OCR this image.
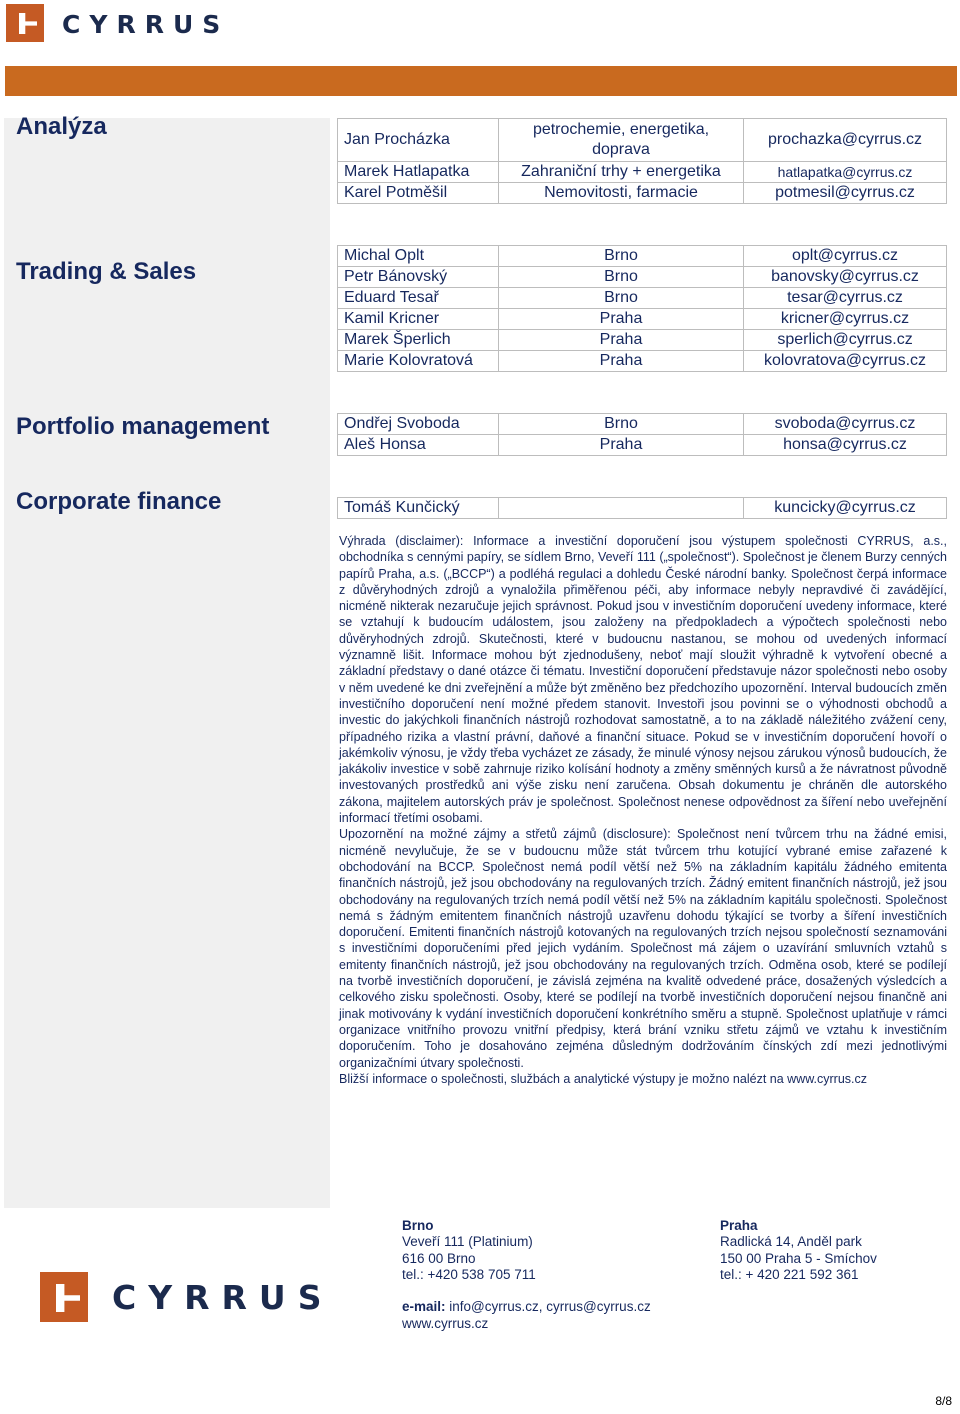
CYRRUS
Analýza
Trading & Sales
Portfolio management
Corporate finance
Jan Procházka	petrochemie, energetika, doprava	prochazka@cyrrus.cz
Marek Hatlapatka	Zahraniční trhy + energetika	hatlapatka@cyrrus.cz
Karel Potměšil	Nemovitosti, farmacie	potmesil@cyrrus.cz
Michal Oplt	Brno	oplt@cyrrus.cz
Petr Bánovský	Brno	banovsky@cyrrus.cz
Eduard Tesař	Brno	tesar@cyrrus.cz
Kamil Kricner	Praha	kricner@cyrrus.cz
Marek Šperlich	Praha	sperlich@cyrrus.cz
Marie Kolovratová	Praha	kolovratova@cyrrus.cz
Ondřej Svoboda	Brno	svoboda@cyrrus.cz
Aleš Honsa	Praha	honsa@cyrrus.cz
Tomáš Kunčický		kuncicky@cyrrus.cz

Výhrada (disclaimer): Informace a investiční doporučení jsou výstupem společnosti CYRRUS, a.s., obchodníka s cennými papíry, se sídlem Brno, Veveří 111 („společnost“). Společnost je členem Burzy cenných papírů Praha, a.s. („BCCP“) a podléhá regulaci a dohledu České národní banky. Společnost čerpá informace z důvěryhodných zdrojů a vynaložila přiměřenou péči, aby informace nebyly nepravdivé či zavádějící, nicméně nikterak nezaručuje jejich správnost. Pokud jsou v investičním doporučení uvedeny informace, které se vztahují k budoucím událostem, jsou založeny na předpokladech a výpočtech společnosti nebo důvěryhodných zdrojů. Skutečnosti, které v budoucnu nastanou, se mohou od uvedených informací významně lišit. Informace mohou být zjednodušeny, neboť mají sloužit výhradně k vytvoření obecné a základní představy o dané otázce či tématu. Investiční doporučení představuje názor společnosti nebo osoby v něm uvedené ke dni zveřejnění a může být změněno bez předchozího upozornění. Interval budoucích změn investičního doporučení není možné předem stanovit. Investoři jsou povinni se o výhodnosti obchodů a investic do jakýchkoli finančních nástrojů rozhodovat samostatně, a to na základě náležitého zvážení ceny, případného rizika a vlastní právní, daňové a finanční situace. Pokud se v investičním doporučení hovoří o jakémkoliv výnosu, je vždy třeba vycházet ze zásady, že minulé výnosy nejsou zárukou výnosů budoucích, že jakákoliv investice v sobě zahrnuje riziko kolísání hodnoty a změny směnných kursů a že návratnost původně investovaných prostředků ani výše zisku není zaručena. Obsah dokumentu je chráněn dle autorského zákona, majitelem autorských práv je společnost. Společnost nenese odpovědnost za šíření nebo uveřejnění informací třetími osobami.

Upozornění na možné zájmy a střetů zájmů (disclosure): Společnost není tvůrcem trhu na žádné emisi, nicméně nevylučuje, že se v budoucnu může stát tvůrcem trhu kotující vybrané emise zařazené k obchodování na BCCP. Společnost nemá podíl větší než 5% na základním kapitálu žádného emitenta finančních nástrojů, jež jsou obchodovány na regulovaných trzích. Žádný emitent finančních nástrojů, jež jsou obchodovány na regulovaných trzích nemá podíl větší než 5% na základním kapitálu společnosti. Společnost nemá s žádným emitentem finančních nástrojů uzavřenu dohodu týkající se tvorby a šíření investičních doporučení. Emitenti finančních nástrojů kotovaných na regulovaných trzích nejsou společností seznamováni s investičními doporučeními před jejich vydáním. Společnost má zájem o uzavírání smluvních vztahů s emitenty finančních nástrojů, jež jsou obchodovány na regulovaných trzích. Odměna osob, které se podílejí na tvorbě investičních doporučení, je závislá zejména na kvalitě odvedené práce, dosažených výsledcích a celkového zisku společnosti. Osoby, které se podílejí na tvorbě investičních doporučení nejsou finančně ani jinak motivovány k vydání investičních doporučení konkrétního směru a stupně. Společnost uplatňuje v rámci organizace vnitřního provozu vnitřní předpisy, která brání vzniku střetu zájmů ve vztahu k investičním doporučením. Toho je dosahováno zejména důsledným dodržováním čínských zdí mezi jednotlivými organizačními útvary společnosti.

Bližší informace o společnosti, službách a analytické výstupy je možno nalézt na www.cyrrus.cz

CYRRUS
Brno
Veveří 111 (Platinium)
616 00 Brno
tel.: +420 538 705 711
Praha
Radlická 14, Anděl park
150 00 Praha 5 - Smíchov
tel.: + 420 221 592 361
e-mail: info@cyrrus.cz, cyrrus@cyrrus.cz
www.cyrrus.cz
8/8
